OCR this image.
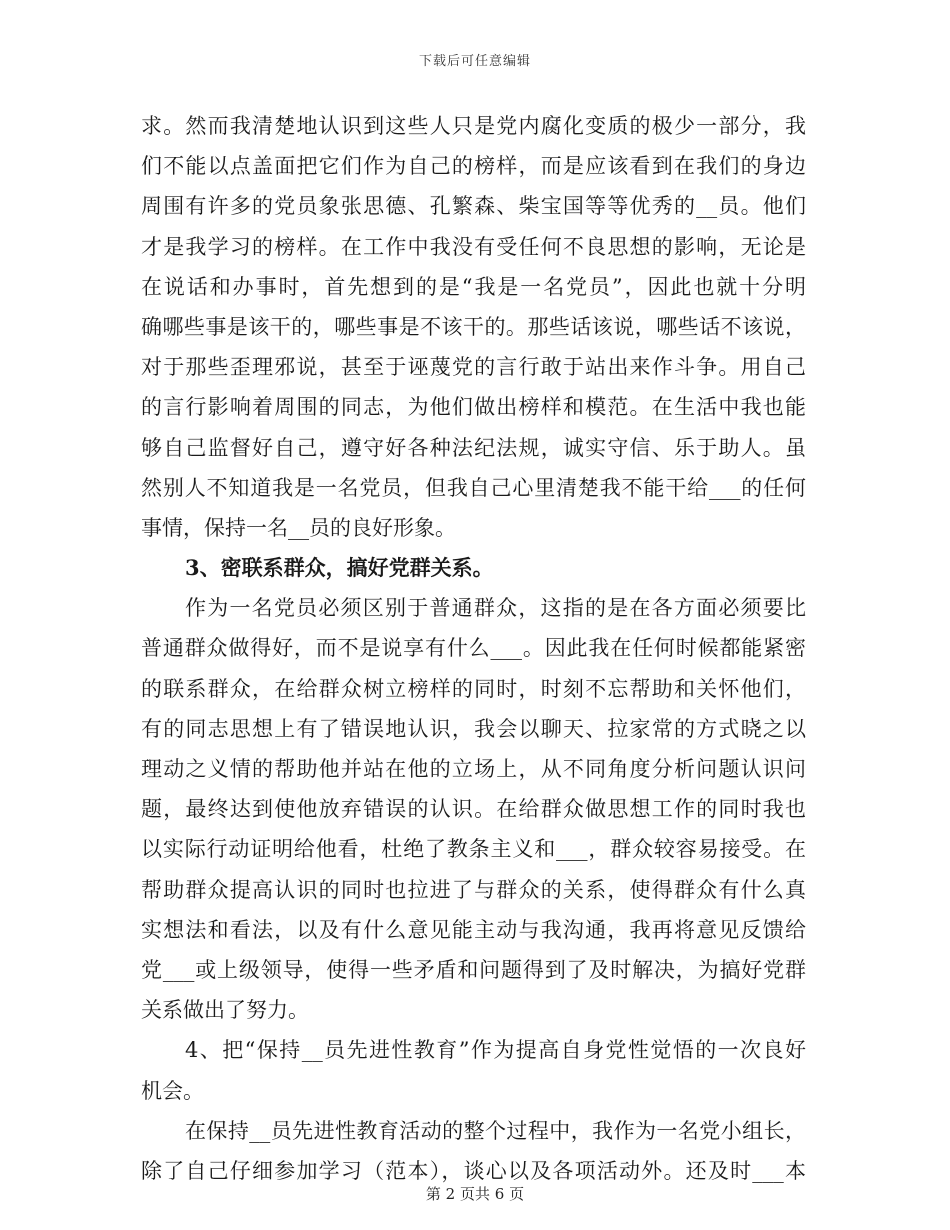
下载后可任意编辑
求。然而我清楚地认识到这些人只是党内腐化变质的极少一部分，我
们不能以点盖面把它们作为自己的榜样，而是应该看到在我们的身边
周围有许多的党员象张思德、孔繁森、柴宝国等等优秀的__员。他们
才是我学习的榜样。在工作中我没有受任何不良思想的影响，无论是
在说话和办事时，首先想到的是“我是一名党员”，因此也就十分明
确哪些事是该干的，哪些事是不该干的。那些话该说，哪些话不该说，
对于那些歪理邪说，甚至于诬蔑党的言行敢于站出来作斗争。用自己
的言行影响着周围的同志，为他们做出榜样和模范。在生活中我也能
够自己监督好自己，遵守好各种法纪法规，诚实守信、乐于助人。虽
然别人不知道我是一名党员，但我自己心里清楚我不能干给___的任何
事情，保持一名__员的良好形象。
3、密联系群众，搞好党群关系。
作为一名党员必须区别于普通群众，这指的是在各方面必须要比
普通群众做得好，而不是说享有什么___。因此我在任何时候都能紧密
的联系群众，在给群众树立榜样的同时，时刻不忘帮助和关怀他们，
有的同志思想上有了错误地认识，我会以聊天、拉家常的方式晓之以
理动之义情的帮助他并站在他的立场上，从不同角度分析问题认识问
题，最终达到使他放弃错误的认识。在给群众做思想工作的同时我也
以实际行动证明给他看，杜绝了教条主义和___，群众较容易接受。在
帮助群众提高认识的同时也拉进了与群众的关系，使得群众有什么真
实想法和看法，以及有什么意见能主动与我沟通，我再将意见反馈给
党___或上级领导，使得一些矛盾和问题得到了及时解决，为搞好党群
关系做出了努力。
4、把“保持__员先进性教育”作为提高自身党性觉悟的一次良好
机会。
在保持__员先进性教育活动的整个过程中，我作为一名党小组长，
除了自己仔细参加学习（范本），谈心以及各项活动外。还及时___本
第 2 页共 6 页
